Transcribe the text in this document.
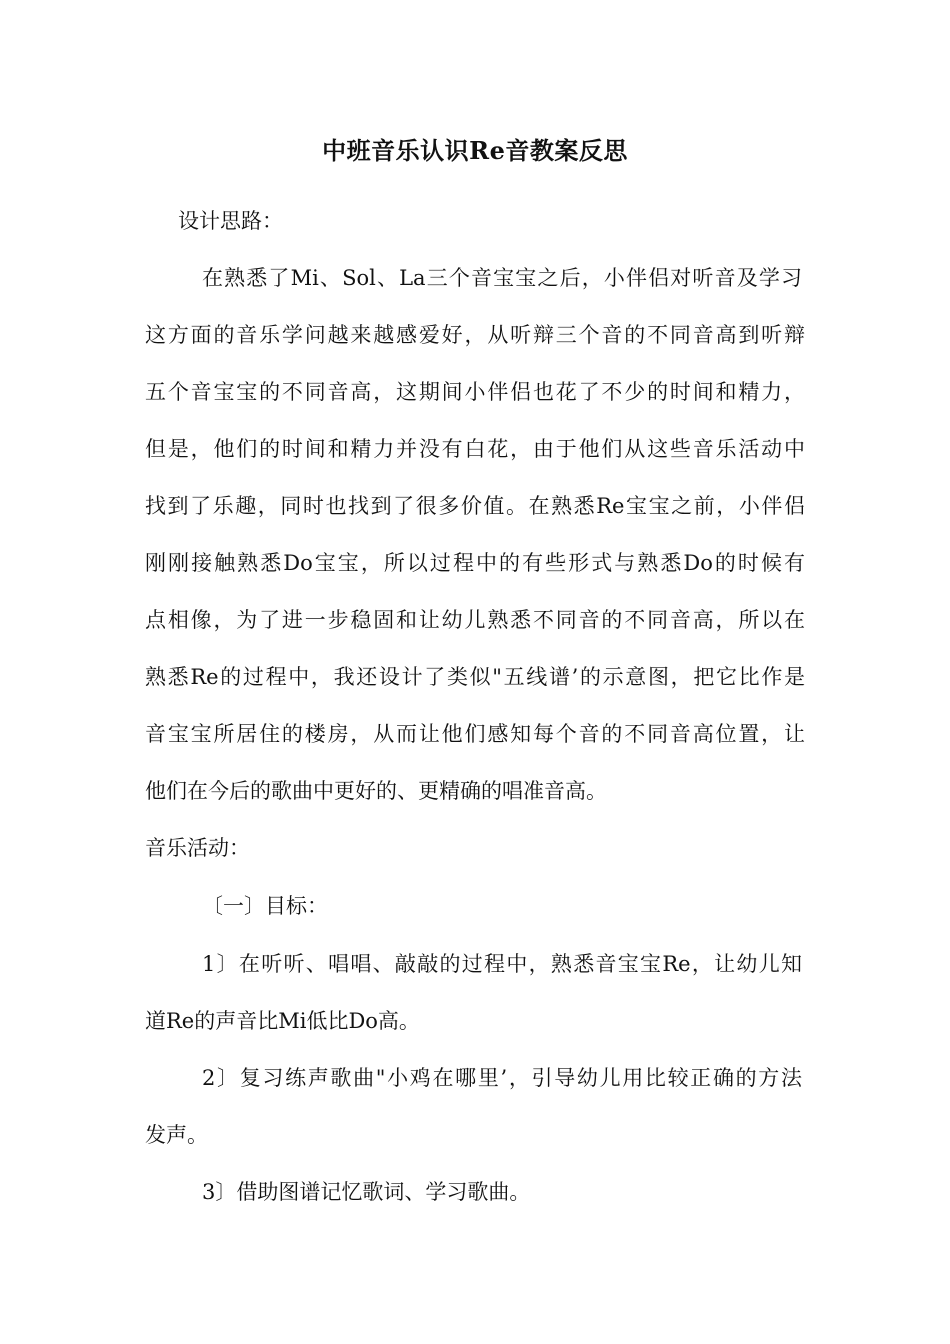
中班音乐认识Re音教案反思
设计思路：
在熟悉了Mi、Sol、La三个音宝宝之后，小伴侣对听音及学习
这方面的音乐学问越来越感爱好，从听辩三个音的不同音高到听辩
五个音宝宝的不同音高，这期间小伴侣也花了不少的时间和精力，
但是，他们的时间和精力并没有白花，由于他们从这些音乐活动中
找到了乐趣，同时也找到了很多价值。在熟悉Re宝宝之前，小伴侣
刚刚接触熟悉Do宝宝，所以过程中的有些形式与熟悉Do的时候有
点相像，为了进一步稳固和让幼儿熟悉不同音的不同音高，所以在
熟悉Re的过程中，我还设计了类似"五线谱’的示意图，把它比作是
音宝宝所居住的楼房，从而让他们感知每个音的不同音高位置，让
他们在今后的歌曲中更好的、更精确的唱准音高。
音乐活动：
〔一〕目标：
1〕在听听、唱唱、敲敲的过程中，熟悉音宝宝Re，让幼儿知
道Re的声音比Mi低比Do高。
2〕复习练声歌曲"小鸡在哪里’，引导幼儿用比较正确的方法
发声。
3〕借助图谱记忆歌词、学习歌曲。
